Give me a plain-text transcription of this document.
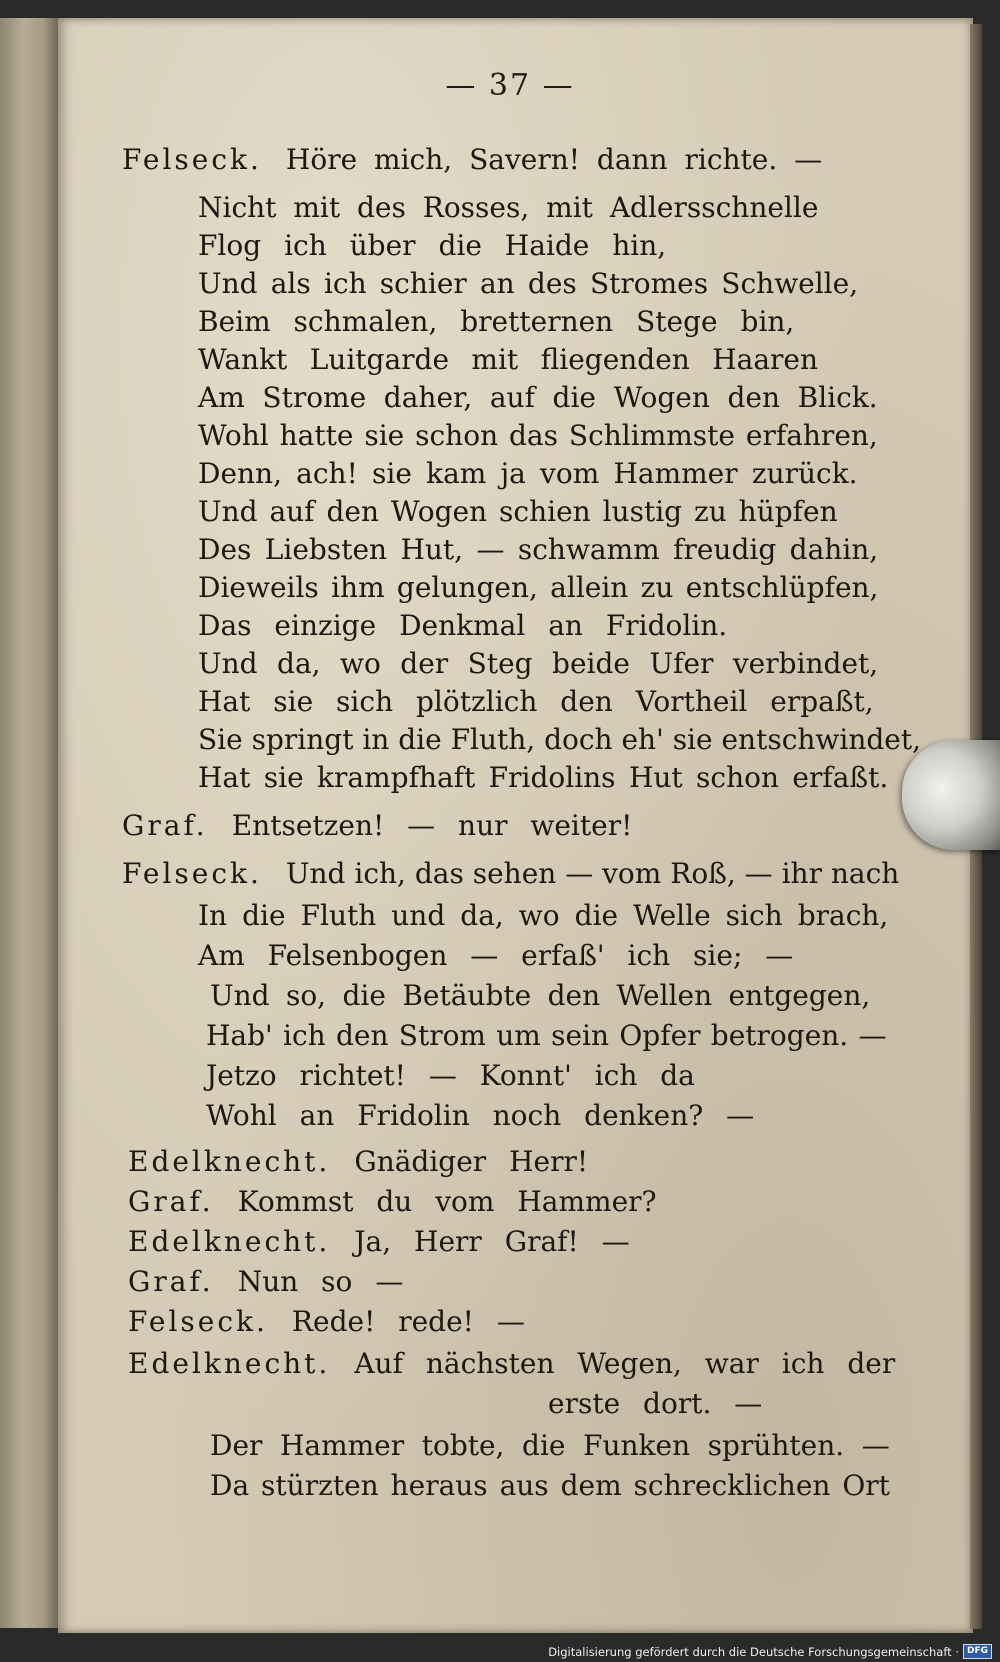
— 37 —
Felseck. Höre mich, Savern! dann richte. —
Nicht mit des Rosses, mit Adlersschnelle
Flog ich über die Haide hin,
Und als ich schier an des Stromes Schwelle,
Beim schmalen, bretternen Stege bin,
Wankt Luitgarde mit fliegenden Haaren
Am Strome daher, auf die Wogen den Blick.
Wohl hatte sie schon das Schlimmste erfahren,
Denn, ach! sie kam ja vom Hammer zurück.
Und auf den Wogen schien lustig zu hüpfen
Des Liebsten Hut, — schwamm freudig dahin,
Dieweils ihm gelungen, allein zu entschlüpfen,
Das einzige Denkmal an Fridolin.
Und da, wo der Steg beide Ufer verbindet,
Hat sie sich plötzlich den Vortheil erpaßt,
Sie springt in die Fluth, doch eh' sie entschwindet,
Hat sie krampfhaft Fridolins Hut schon erfaßt.
Graf. Entsetzen! — nur weiter!
Felseck. Und ich, das sehen — vom Roß, — ihr nach
In die Fluth und da, wo die Welle sich brach,
Am Felsenbogen — erfaß' ich sie; —
Und so, die Betäubte den Wellen entgegen,
Hab' ich den Strom um sein Opfer betrogen. —
Jetzo richtet! — Konnt' ich da
Wohl an Fridolin noch denken? —
Edelknecht. Gnädiger Herr!
Graf. Kommst du vom Hammer?
Edelknecht. Ja, Herr Graf! —
Graf. Nun so —
Felseck. Rede! rede! —
Edelknecht. Auf nächsten Wegen, war ich der
erste dort. —
Der Hammer tobte, die Funken sprühten. —
Da stürzten heraus aus dem schrecklichen Ort
Digitalisierung gefördert durch die Deutsche Forschungsgemeinschaft · DFG
